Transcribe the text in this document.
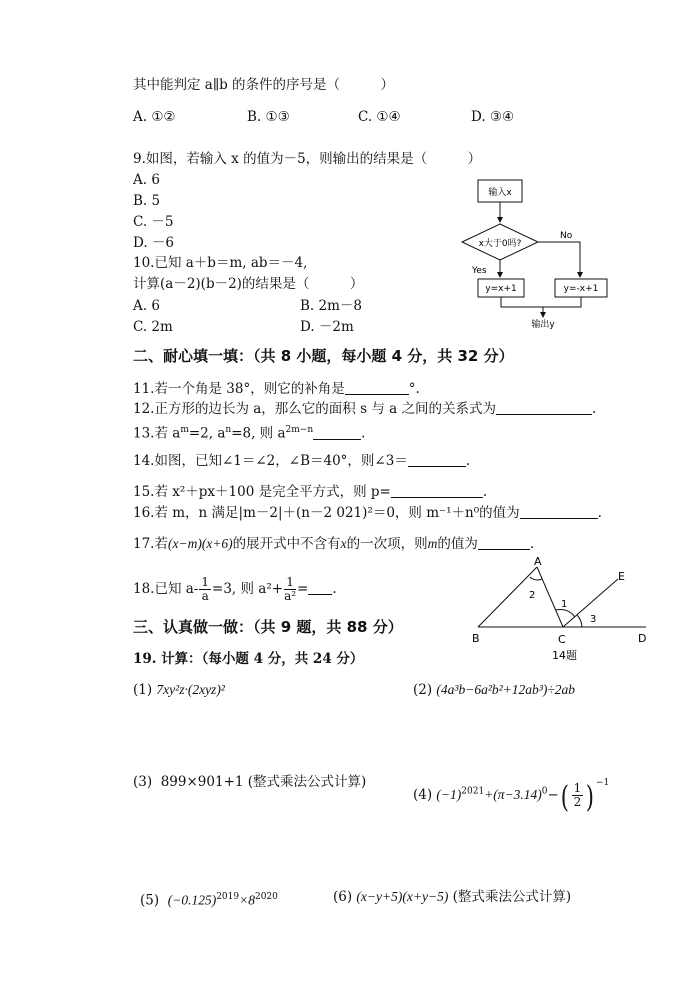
其中能判定 a∥b 的条件的序号是（　　　）
A. ①②	B. ①③	C. ①④	D. ③④
9.如图，若输入 x 的值为－5，则输出的结果是（　　　）
A. 6
B. 5
C. －5
D. －6
10.已知 a＋b＝m, ab＝－4,
计算(a－2)(b－2)的结果是（　　　）
A. 6	B. 2m－8
C. 2m	D. －2m
输入x
x大于0吗?
No
Yes
y=x+1	y=-x+1
输出y
二、耐心填一填：（共 8 小题，每小题 4 分，共 32 分）
11.若一个角是 38°，则它的补角是	°.
12.正方形的边长为 a，那么它的面积 s 与 a 之间的关系式为	.
13.若 $a^m=2$, $a^n=8$, 则 $a^{2m-n}$	.
14.如图，已知∠1＝∠2，∠B＝40°，则∠3＝	.
15.若 x²＋px＋100 是完全平方式，则 p=	.
16.若 m，n 满足|m－2|＋(n－2 021)²＝0，则 m⁻¹＋n⁰的值为	.
17.若(x−m)(x+6)的展开式中不含有x的一次项，则m的值为	.
18.已知 $a- \frac{1}{a} =3$, 则 $a^2+ \frac{1}{\text{a²}}$ = .
A
B	C	D
E
1
2
3
14题
三、认真做一做：（共 9 题，共 88 分）
19. 计算：（每小题 4 分，共 24 分）
(1) 7xy²z·(2xyz)²	(2) (4a³b−6a²b²+12ab³)÷2ab
(3) 899×901+1 (整式乘法公式计算)
(4) $(-1)^{2021}+(\pi-3.14)^0-( \frac{1}{2}$ ) $^{-1}$
(5) $(-0.125)^{2019}\times 8^{2020}$	(6) (x−y+5)(x+y−5) (整式乘法公式计算)
